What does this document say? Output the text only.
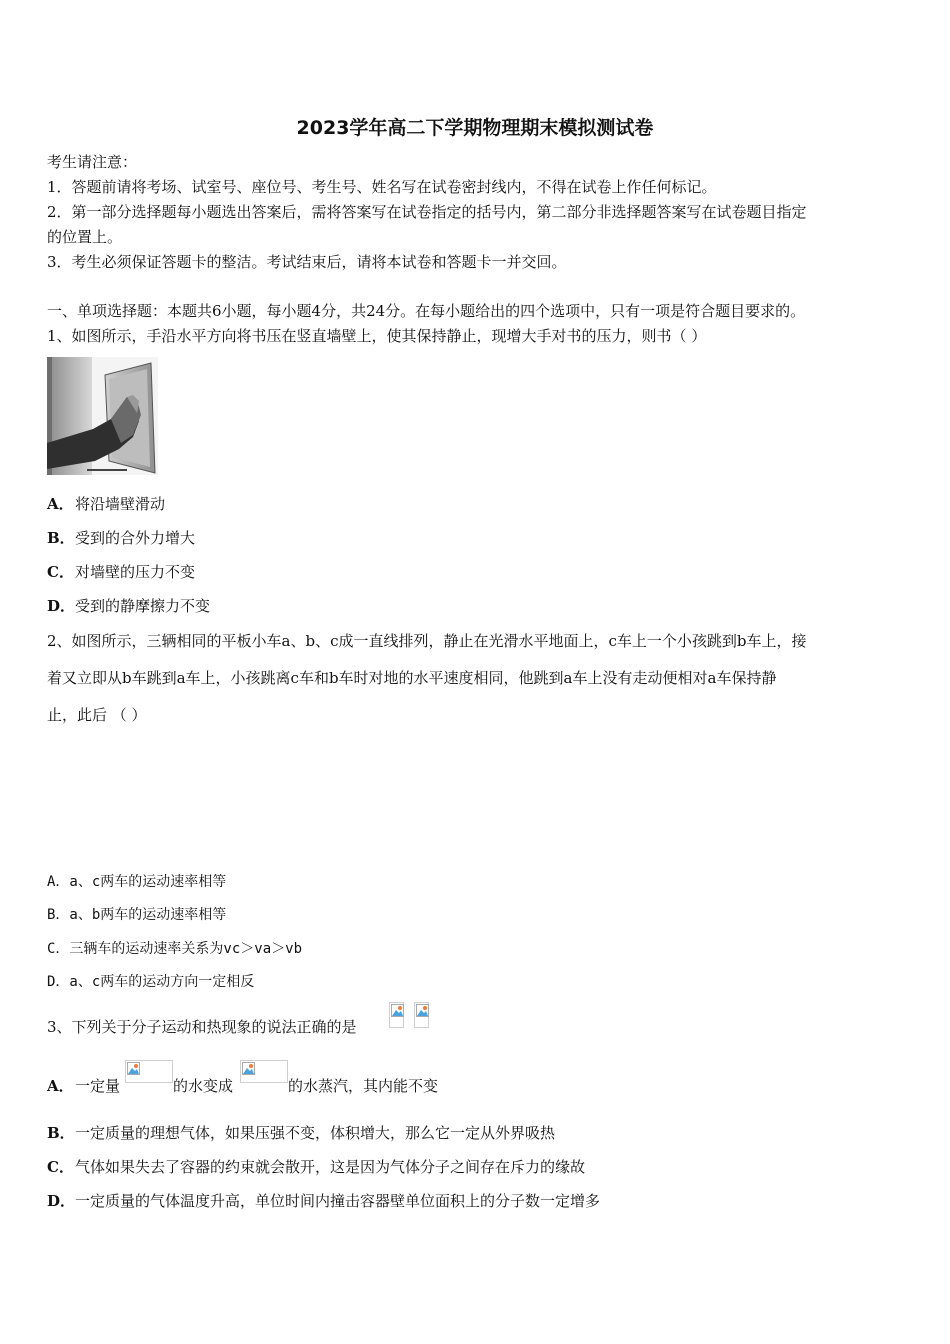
2023学年高二下学期物理期末模拟测试卷
考生请注意：
1．答题前请将考场、试室号、座位号、考生号、姓名写在试卷密封线内，不得在试卷上作任何标记。
2．第一部分选择题每小题选出答案后，需将答案写在试卷指定的括号内，第二部分非选择题答案写在试卷题目指定
的位置上。
3．考生必须保证答题卡的整洁。考试结束后，请将本试卷和答题卡一并交回。
一、单项选择题：本题共6小题，每小题4分，共24分。在每小题给出的四个选项中，只有一项是符合题目要求的。
1、如图所示，手沿水平方向将书压在竖直墙壁上，使其保持静止，现增大手对书的压力，则书（ ）
A． 将沿墙壁滑动
B． 受到的合外力增大
C． 对墙壁的压力不变
D． 受到的静摩擦力不变
2、如图所示，三辆相同的平板小车a、b、c成一直线排列，静止在光滑水平地面上，c车上一个小孩跳到b车上，接
着又立即从b车跳到a车上，小孩跳离c车和b车时对地的水平速度相同，他跳到a车上没有走动便相对a车保持静
止，此后 （ ）
A．a、c两车的运动速率相等
B．a、b两车的运动速率相等
C．三辆车的运动速率关系为vc＞va＞vb
D．a、c两车的运动方向一定相反
3、下列关于分子运动和热现象的说法正确的是
A． 一定量	的水变成	的水蒸汽，其内能不变
B． 一定质量的理想气体，如果压强不变，体积增大，那么它一定从外界吸热
C． 气体如果失去了容器的约束就会散开，这是因为气体分子之间存在斥力的缘故
D． 一定质量的气体温度升高，单位时间内撞击容器壁单位面积上的分子数一定增多
